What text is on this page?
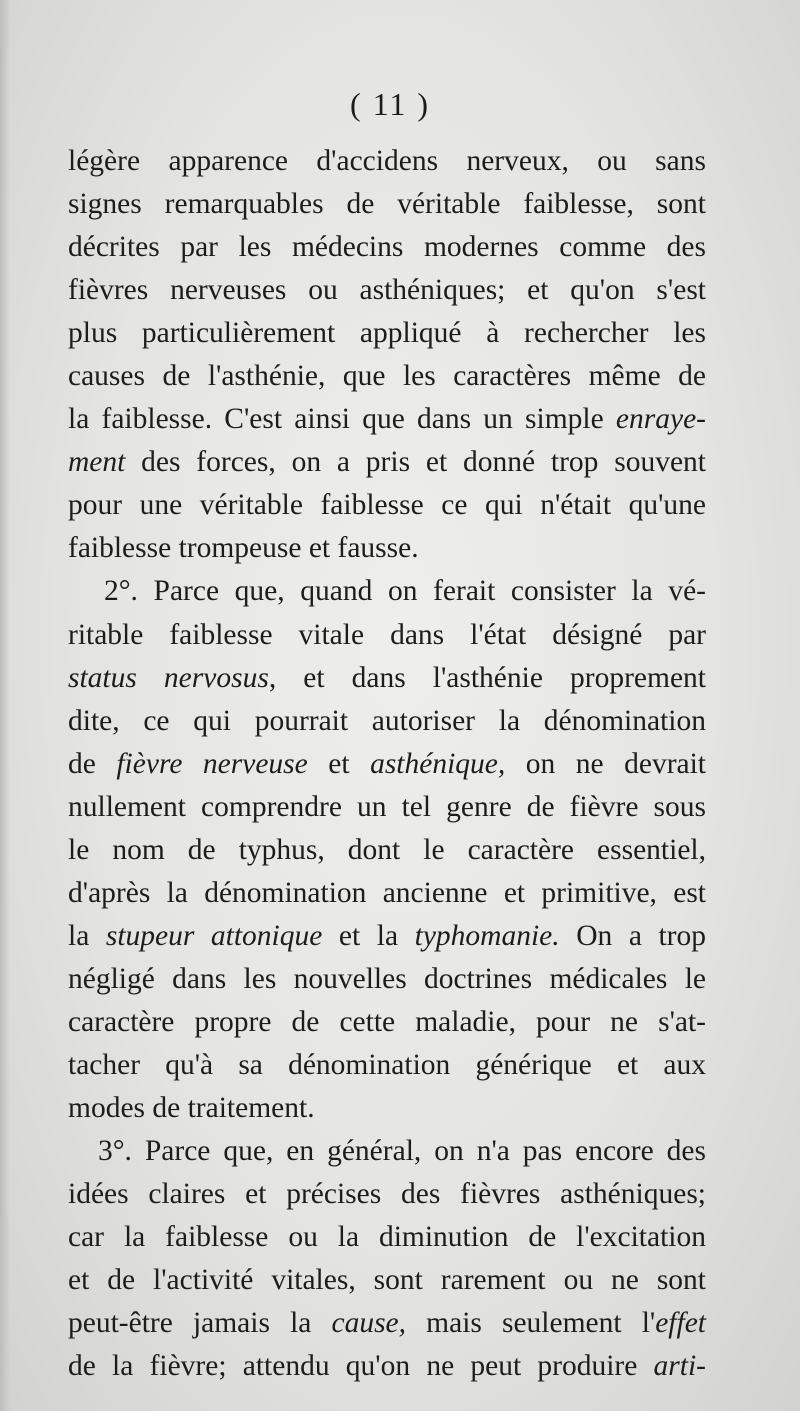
( 11 )
légère apparence d'accidens nerveux, ou sans
signes remarquables de véritable faiblesse, sont
décrites par les médecins modernes comme des
fièvres nerveuses ou asthéniques; et qu'on s'est
plus particulièrement appliqué à rechercher les
causes de l'asthénie, que les caractères même de
la faiblesse. C'est ainsi que dans un simple enraye-
ment des forces, on a pris et donné trop souvent
pour une véritable faiblesse ce qui n'était qu'une
faiblesse trompeuse et fausse.
2°. Parce que, quand on ferait consister la vé-
ritable faiblesse vitale dans l'état désigné par
status nervosus, et dans l'asthénie proprement
dite, ce qui pourrait autoriser la dénomination
de fièvre nerveuse et asthénique, on ne devrait
nullement comprendre un tel genre de fièvre sous
le nom de typhus, dont le caractère essentiel,
d'après la dénomination ancienne et primitive, est
la stupeur attonique et la typhomanie. On a trop
négligé dans les nouvelles doctrines médicales le
caractère propre de cette maladie, pour ne s'at-
tacher qu'à sa dénomination générique et aux
modes de traitement.
3°. Parce que, en général, on n'a pas encore des
idées claires et précises des fièvres asthéniques;
car la faiblesse ou la diminution de l'excitation
et de l'activité vitales, sont rarement ou ne sont
peut-être jamais la cause, mais seulement l'effet
de la fièvre; attendu qu'on ne peut produire arti-
